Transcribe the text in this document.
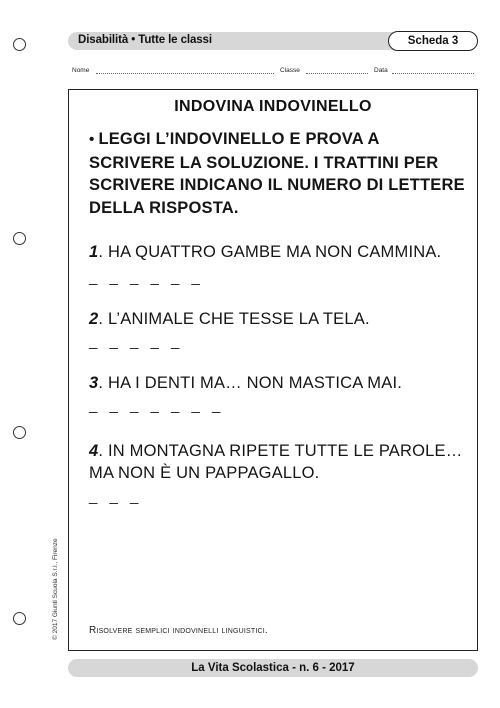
Disabilità • Tutte le classi	Scheda 3
Nome	Classe	Data
INDOVINA INDOVINELLO
• LEGGI L’INDOVINELLO E PROVA A SCRIVERE LA SOLUZIONE. I TRATTINI PER SCRIVERE INDICANO IL NUMERO DI LETTERE DELLA RISPOSTA.
1. HA QUATTRO GAMBE MA NON CAMMINA.
_ _ _ _ _ _
2. L’ANIMALE CHE TESSE LA TELA.
_ _ _ _ _
3. HA I DENTI MA… NON MASTICA MAI.
_ _ _ _ _ _ _
4. IN MONTAGNA RIPETE TUTTE LE PAROLE… MA NON È UN PAPPAGALLO.
_ _ _
Risolvere semplici indovinelli linguistici.
© 2017 Giunti Scuola S.r.l., Firenze
La Vita Scolastica - n. 6 - 2017
